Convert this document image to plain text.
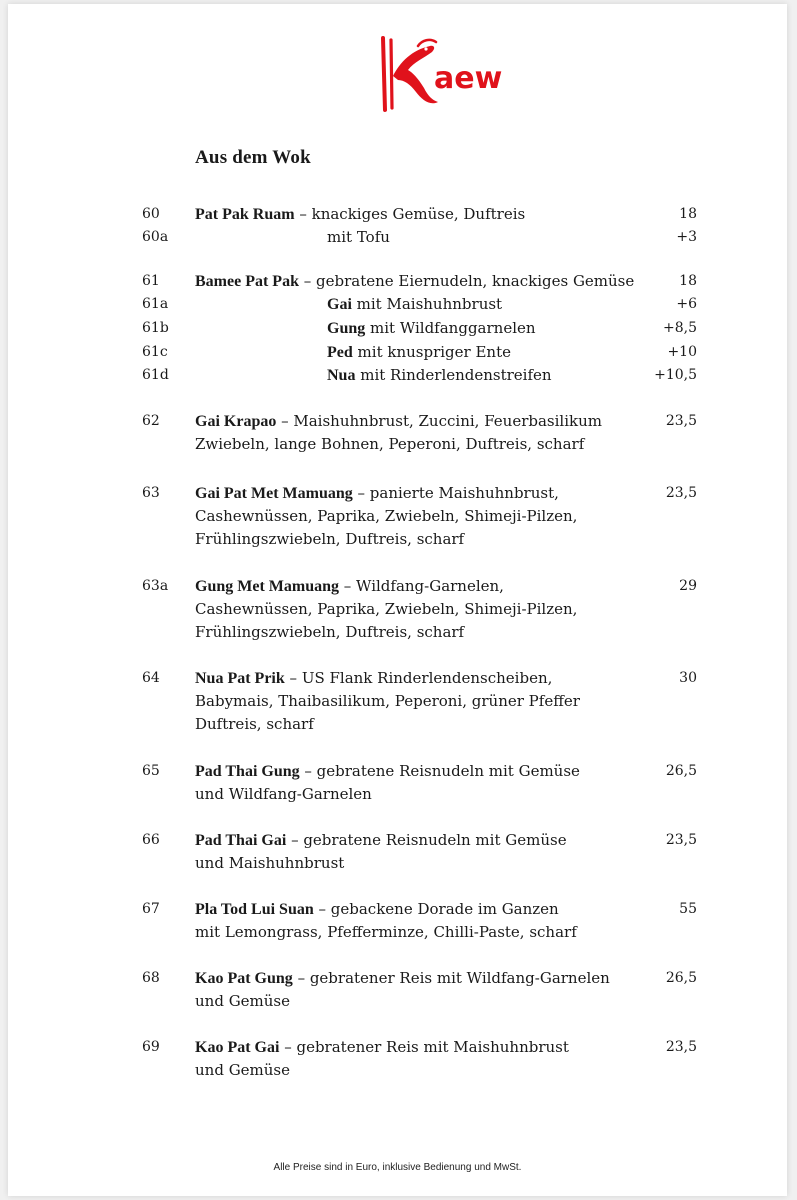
aew
Aus dem Wok
60 Pat Pak Ruam – knackiges Gemüse, Duftreis	18
60a	mit Tofu	+3
61 Bamee Pat Pak – gebratene Eiernudeln, knackiges Gemüse	18
61a	Gai mit Maishuhnbrust	+6
61b	Gung mit Wildfanggarnelen	+8,5
61c	Ped mit knuspriger Ente	+10
61d	Nua mit Rinderlendenstreifen	+10,5
62 Gai Krapao – Maishuhnbrust, Zuccini, Feuerbasilikum
Zwiebeln, lange Bohnen, Peperoni, Duftreis, scharf
23,5
63 Gai Pat Met Mamuang – panierte Maishuhnbrust,
Cashewnüssen, Paprika, Zwiebeln, Shimeji-Pilzen,
Frühlingszwiebeln, Duftreis, scharf
23,5
63a Gung Met Mamuang – Wildfang-Garnelen,
Cashewnüssen, Paprika, Zwiebeln, Shimeji-Pilzen,
Frühlingszwiebeln, Duftreis, scharf
29
64 Nua Pat Prik – US Flank Rinderlendenscheiben,
Babymais, Thaibasilikum, Peperoni, grüner Pfeffer
Duftreis, scharf
30
65 Pad Thai Gung – gebratene Reisnudeln mit Gemüse
und Wildfang-Garnelen
26,5
66 Pad Thai Gai – gebratene Reisnudeln mit Gemüse
und Maishuhnbrust
23,5
67 Pla Tod Lui Suan – gebackene Dorade im Ganzen
mit Lemongrass, Pfefferminze, Chilli-Paste, scharf
55
68 Kao Pat Gung – gebratener Reis mit Wildfang-Garnelen
und Gemüse
26,5
69 Kao Pat Gai – gebratener Reis mit Maishuhnbrust
und Gemüse
23,5
Alle Preise sind in Euro, inklusive Bedienung und MwSt.
